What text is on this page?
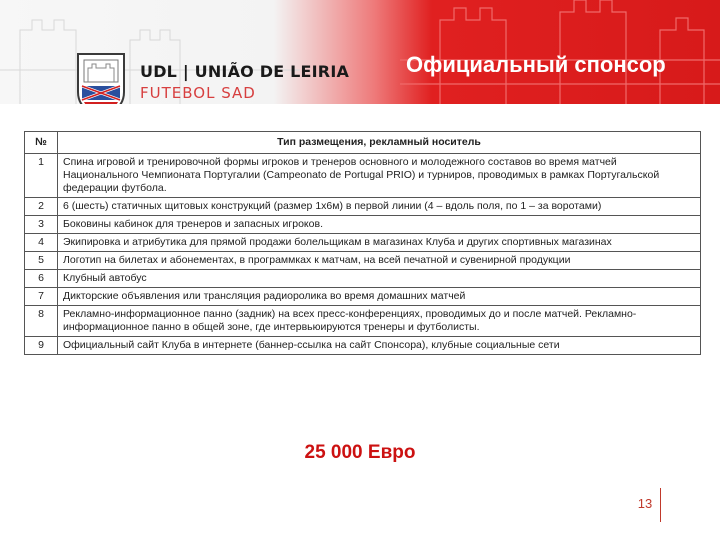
UDL | UNIÃO DE LEIRIA
FUTEBOL SAD
Официальный спонсор
№	Тип размещения, рекламный носитель
1	Спина игровой и тренировочной формы игроков и тренеров основного и молодежного составов во время матчей Национального Чемпионата Португалии (Campeonato de Portugal PRIO) и турниров, проводимых в рамках Португальской федерации футбола.
2	6 (шесть) статичных щитовых конструкций (размер 1х6м) в первой линии (4 – вдоль поля, по 1 – за воротами)
3	Боковины кабинок для тренеров и запасных игроков.
4	Экипировка и атрибутика для прямой продажи болельщикам в магазинах Клуба и других спортивных магазинах
5	Логотип на билетах и абонементах, в программках к матчам, на всей печатной и сувенирной продукции
6	Клубный автобус
7	Дикторские объявления или трансляция радиоролика во время домашних матчей
8	Рекламно-информационное панно (задник) на всех пресс-конференциях, проводимых до и после матчей. Рекламно-информационное панно в общей зоне, где интервьюируются тренеры и футболисты.
9	Официальный сайт Клуба в интернете (баннер-ссылка на сайт Спонсора), клубные социальные сети
25 000 Евро
13
